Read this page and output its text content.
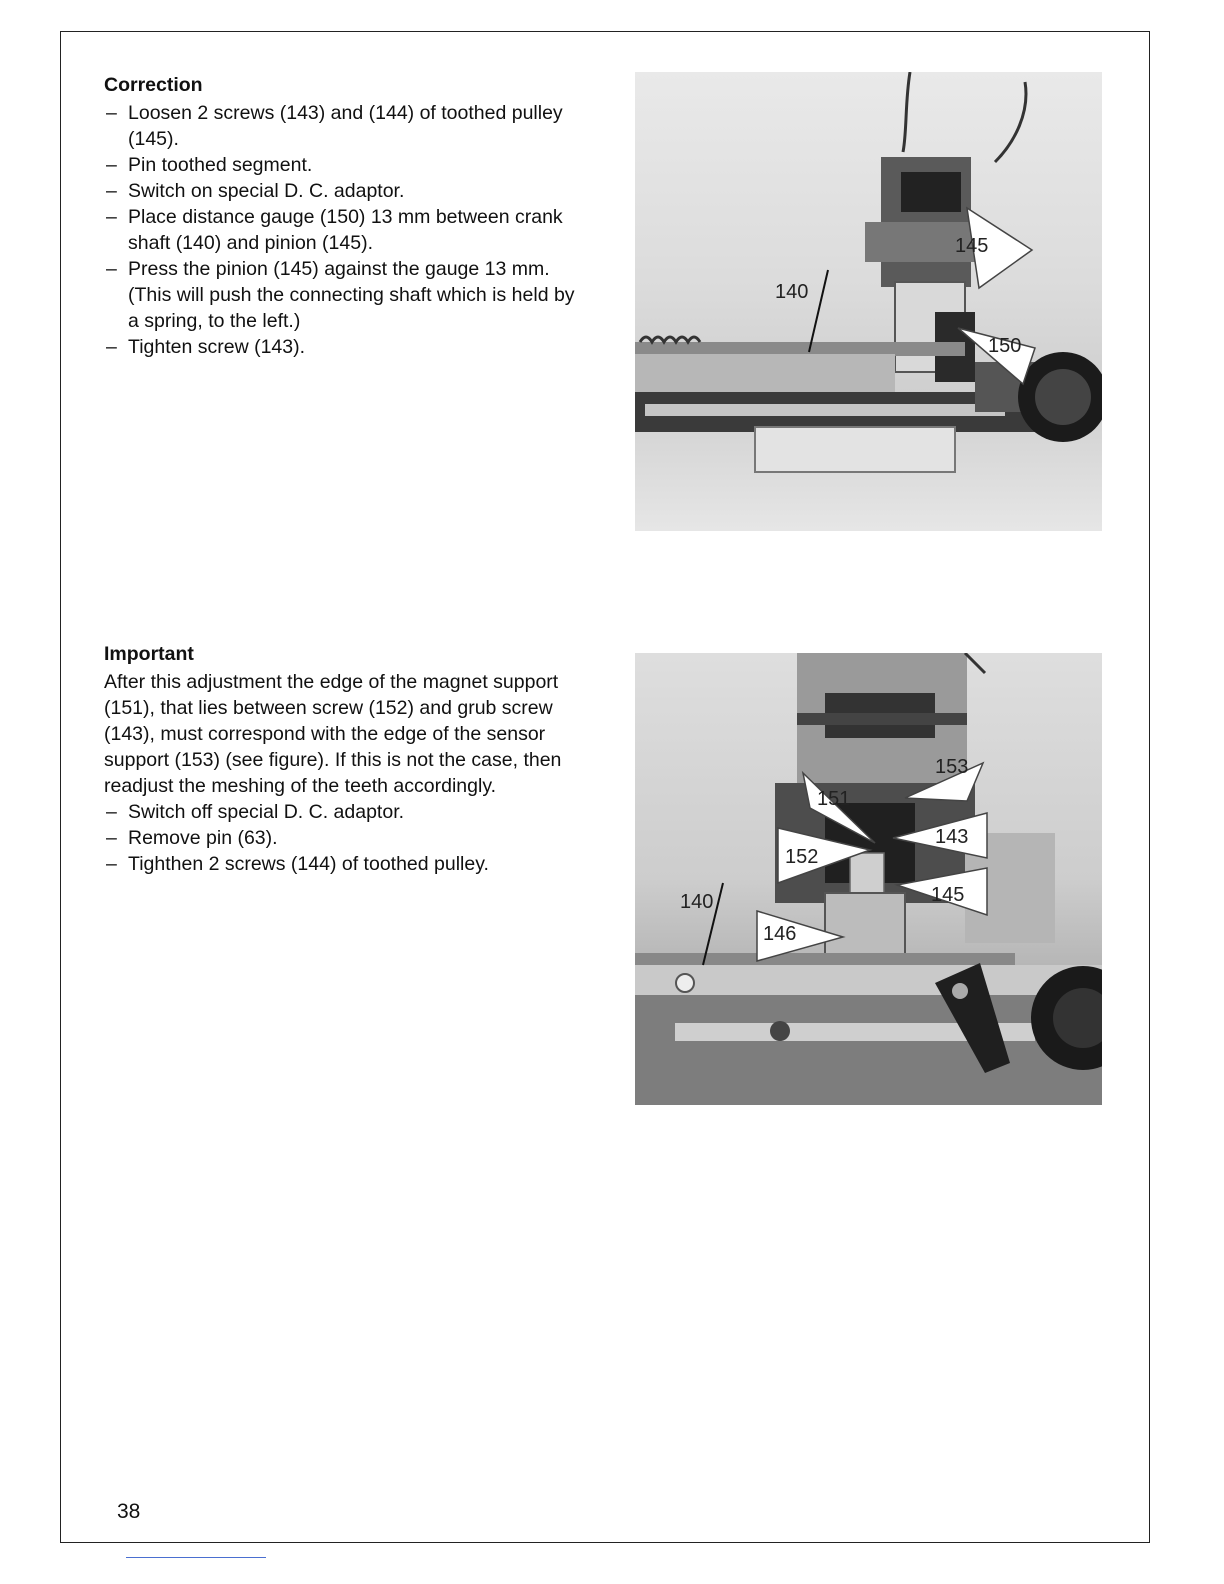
Correction

– Loosen 2 screws (143) and (144) of toothed pulley (145).
– Pin toothed segment.
– Switch on special D. C. adaptor.
– Place distance gauge (150) 13 mm between crank shaft (140) and pinion (145).
– Press the pinion (145) against the gauge 13 mm. (This will push the connecting shaft which is held by a spring, to the left.)
– Tighten screw (143).

Important

After this adjustment the edge of the magnet support (151), that lies between screw (152) and grub screw (143), must correspond with the edge of the sensor support (153) (see figure). If this is not the case, then readjust the meshing of the teeth accordingly.

– Switch off special D. C. adaptor.
– Remove pin (63).
– Tighthen 2 screws (144) of toothed pulley.
145
140
150
153
151
143
152
145
140
146
38
